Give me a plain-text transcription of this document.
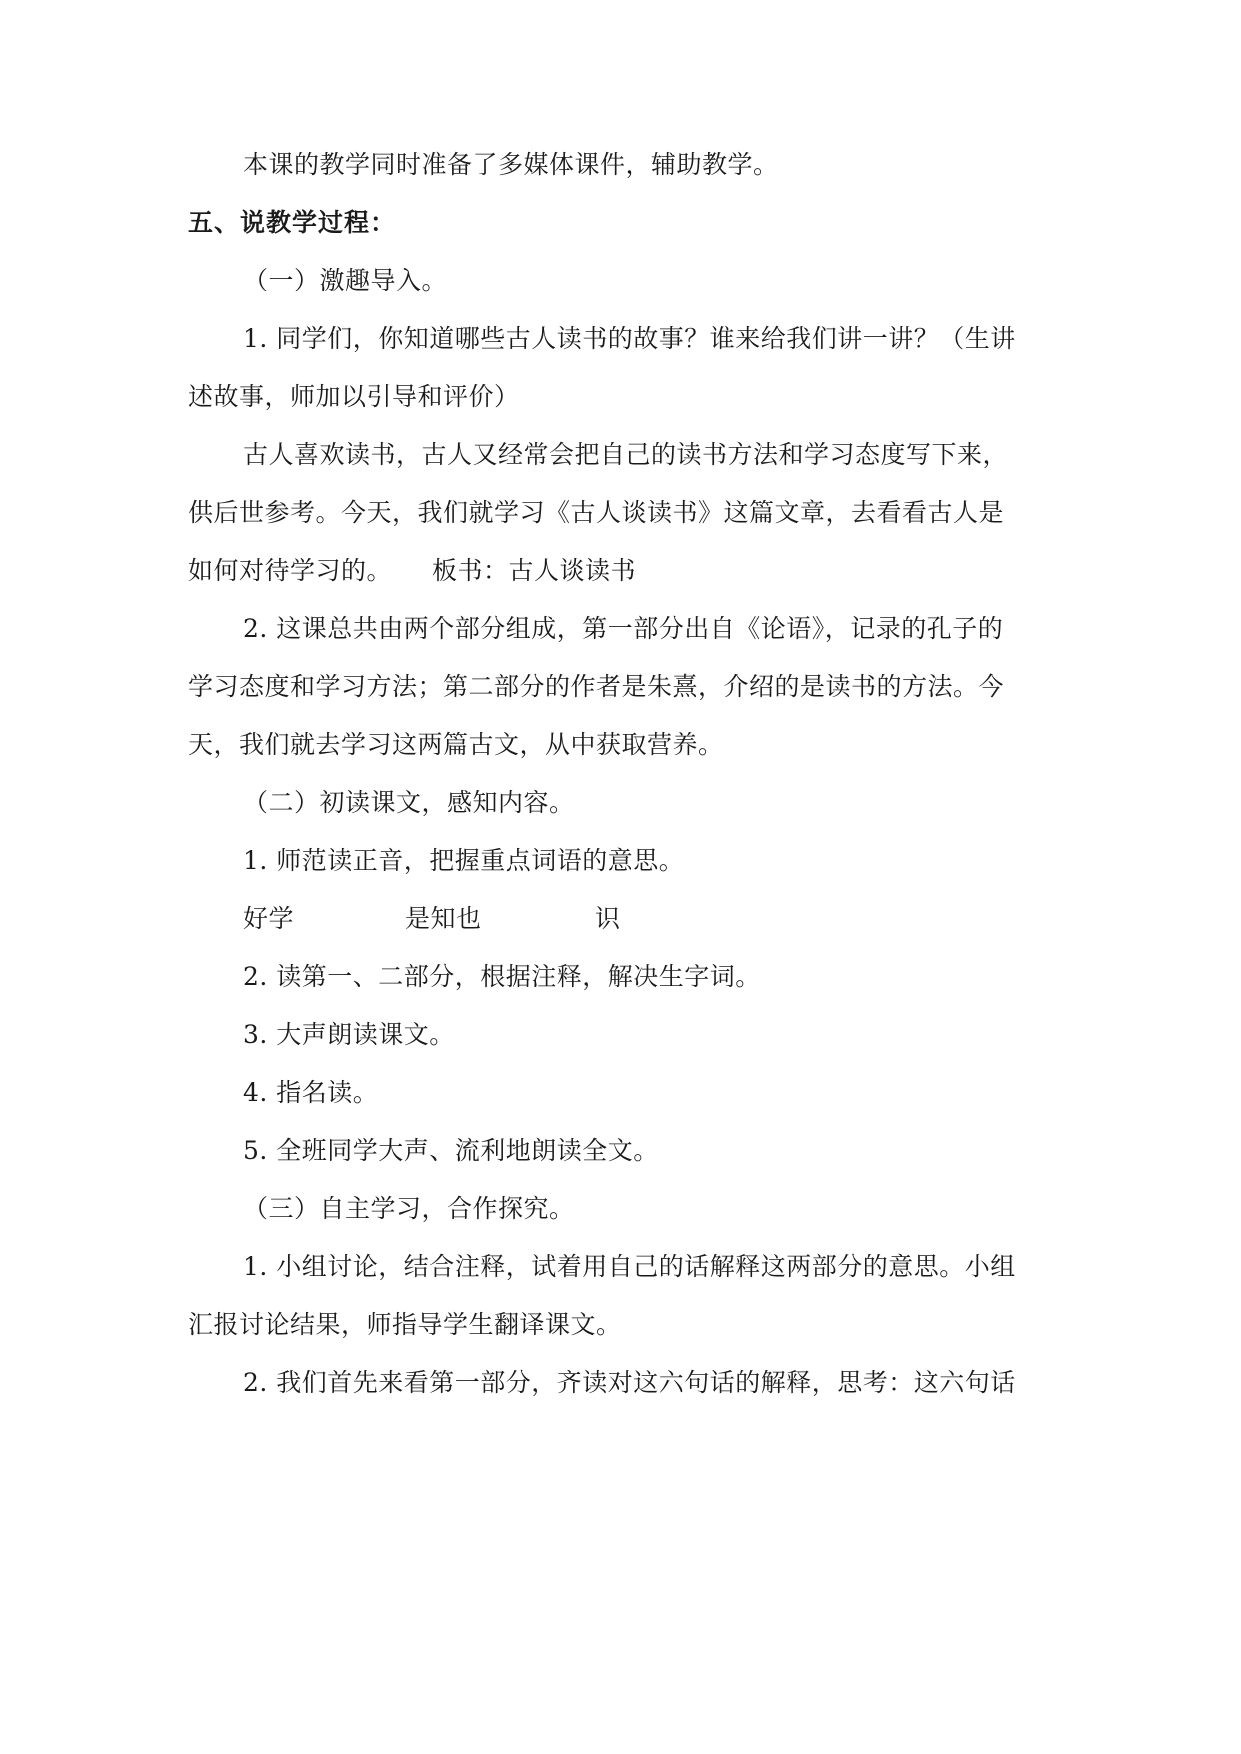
本课的教学同时准备了多媒体课件，辅助教学。
五、说教学过程：
（一）激趣导入。
1. 同学们，你知道哪些古人读书的故事？谁来给我们讲一讲？（生讲
述故事，师加以引导和评价）
古人喜欢读书，古人又经常会把自己的读书方法和学习态度写下来，
供后世参考。今天，我们就学习《古人谈读书》这篇文章，去看看古人是
如何对待学习的。 板书：古人谈读书
2. 这课总共由两个部分组成，第一部分出自《论语》，记录的孔子的
学习态度和学习方法；第二部分的作者是朱熹，介绍的是读书的方法。今
天，我们就去学习这两篇古文，从中获取营养。
（二）初读课文，感知内容。
1. 师范读正音，把握重点词语的意思。
好学	是知也	识
2. 读第一、二部分，根据注释，解决生字词。
3. 大声朗读课文。
4. 指名读。
5. 全班同学大声、流利地朗读全文。
（三）自主学习，合作探究。
1. 小组讨论，结合注释，试着用自己的话解释这两部分的意思。小组
汇报讨论结果，师指导学生翻译课文。
2. 我们首先来看第一部分，齐读对这六句话的解释，思考：这六句话
